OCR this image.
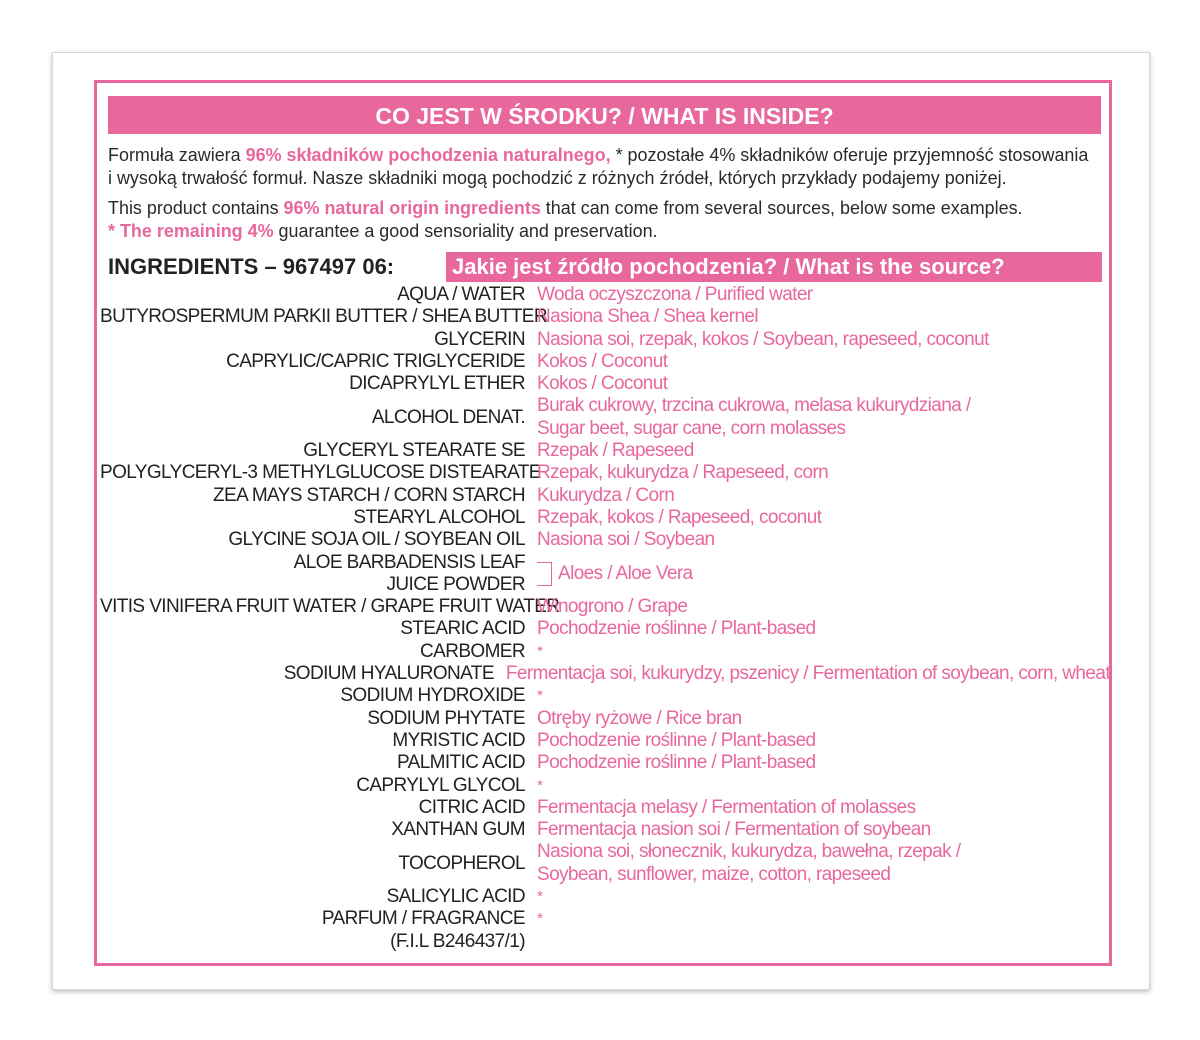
CO JEST W ŚRODKU? / WHAT IS INSIDE?
Formuła zawiera 96% składników pochodzenia naturalnego, * pozostałe 4% składników oferuje przyjemność stosowania
i wysoką trwałość formuł. Nasze składniki mogą pochodzić z różnych źródeł, których przykłady podajemy poniżej.
This product contains 96% natural origin ingredients that can come from several sources, below some examples.
* The remaining 4% guarantee a good sensoriality and preservation.
INGREDIENTS – 967497 06:	Jakie jest źródło pochodzenia? / What is the source?
AQUA / WATER Woda oczyszczona / Purified water
BUTYROSPERMUM PARKII BUTTER / SHEA BUTTER
Nasiona Shea / Shea kernel
GLYCERIN Nasiona soi, rzepak, kokos / Soybean, rapeseed, coconut
CAPRYLIC/CAPRIC TRIGLYCERIDE Kokos / Coconut
DICAPRYLYL ETHER Kokos / Coconut
ALCOHOL DENAT.
Burak cukrowy, trzcina cukrowa, melasa kukurydziana /
Sugar beet, sugar cane, corn molasses
GLYCERYL STEARATE SE Rzepak / Rapeseed
POLYGLYCERYL-3 METHYLGLUCOSE DISTEARATE
Rzepak, kukurydza / Rapeseed, corn
ZEA MAYS STARCH / CORN STARCH Kukurydza / Corn
STEARYL ALCOHOL Rzepak, kokos / Rapeseed, coconut
GLYCINE SOJA OIL / SOYBEAN OIL Nasiona soi / Soybean
ALOE BARBADENSIS LEAF
JUICE POWDER
Aloes / Aloe Vera
VITIS VINIFERA FRUIT WATER / GRAPE FRUIT WATER
Winogrono / Grape
STEARIC ACID Pochodzenie roślinne / Plant-based
CARBOMER *
SODIUM HYALURONATE Fermentacja soi, kukurydzy, pszenicy / Fermentation of soybean, corn, wheat
SODIUM HYDROXIDE *
SODIUM PHYTATE Otręby ryżowe / Rice bran
MYRISTIC ACID Pochodzenie roślinne / Plant-based
PALMITIC ACID Pochodzenie roślinne / Plant-based
CAPRYLYL GLYCOL *
CITRIC ACID Fermentacja melasy / Fermentation of molasses
XANTHAN GUM Fermentacja nasion soi / Fermentation of soybean
TOCOPHEROL
Nasiona soi, słonecznik, kukurydza, bawełna, rzepak /
Soybean, sunflower, maize, cotton, rapeseed
SALICYLIC ACID *
PARFUM / FRAGRANCE *
(F.I.L B246437/1)
